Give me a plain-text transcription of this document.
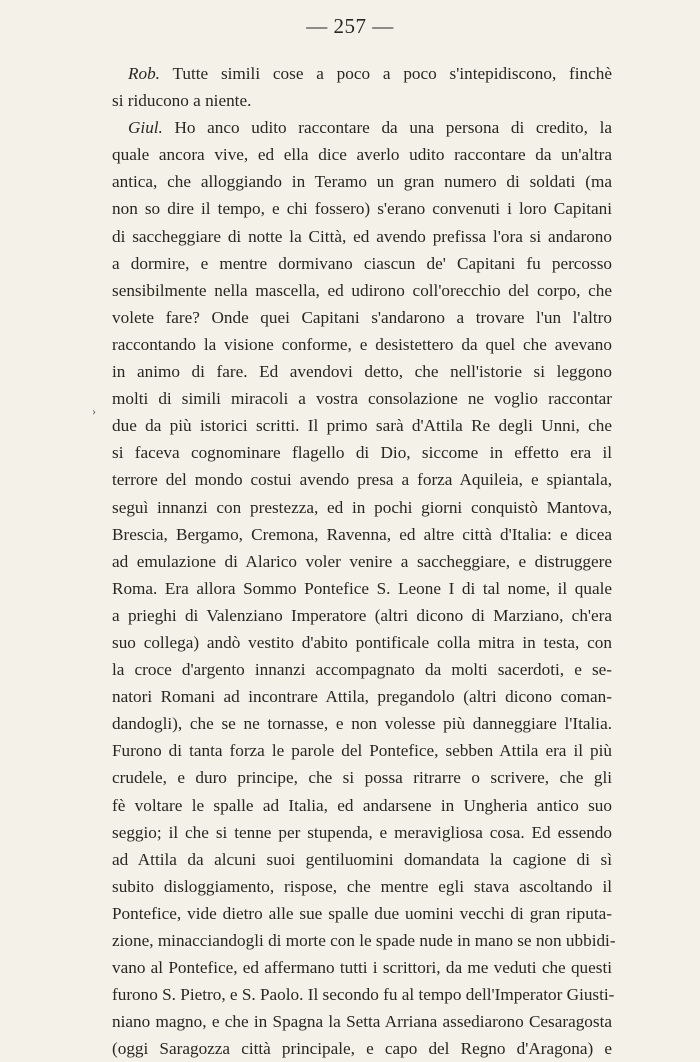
— 257 —
›
Rob. Tutte simili cose a poco a poco s'intepidiscono, finchè
si riducono a niente.
Giul. Ho anco udito raccontare da una persona di credito, la
quale ancora vive, ed ella dice averlo udito raccontare da un'altra
antica, che alloggiando in Teramo un gran numero di soldati (ma
non so dire il tempo, e chi fossero) s'erano convenuti i loro Capitani
di saccheggiare di notte la Città, ed avendo prefissa l'ora si andarono
a dormire, e mentre dormivano ciascun de' Capitani fu percosso
sensibilmente nella mascella, ed udirono coll'orecchio del corpo, che
volete fare? Onde quei Capitani s'andarono a trovare l'un l'altro
raccontando la visione conforme, e desistettero da quel che avevano
in animo di fare. Ed avendovi detto, che nell'istorie si leggono
molti di simili miracoli a vostra consolazione ne voglio raccontar
due da più istorici scritti. Il primo sarà d'Attila Re degli Unni, che
si faceva cognominare flagello di Dio, siccome in effetto era il
terrore del mondo costui avendo presa a forza Aquileia, e spiantala,
seguì innanzi con prestezza, ed in pochi giorni conquistò Mantova,
Brescia, Bergamo, Cremona, Ravenna, ed altre città d'Italia: e dicea
ad emulazione di Alarico voler venire a saccheggiare, e distruggere
Roma. Era allora Sommo Pontefice S. Leone I di tal nome, il quale
a prieghi di Valenziano Imperatore (altri dicono di Marziano, ch'era
suo collega) andò vestito d'abito pontificale colla mitra in testa, con
la croce d'argento innanzi accompagnato da molti sacerdoti, e se-
natori Romani ad incontrare Attila, pregandolo (altri dicono coman-
dandogli), che se ne tornasse, e non volesse più danneggiare l'Italia.
Furono di tanta forza le parole del Pontefice, sebben Attila era il più
crudele, e duro principe, che si possa ritrarre o scrivere, che gli
fè voltare le spalle ad Italia, ed andarsene in Ungheria antico suo
seggio; il che si tenne per stupenda, e meravigliosa cosa. Ed essendo
ad Attila da alcuni suoi gentiluomini domandata la cagione di sì
subito disloggiamento, rispose, che mentre egli stava ascoltando il
Pontefice, vide dietro alle sue spalle due uomini vecchi di gran riputa-
zione, minacciandogli di morte con le spade nude in mano se non ubbidi-
vano al Pontefice, ed affermano tutti i scrittori, da me veduti che questi
furono S. Pietro, e S. Paolo. Il secondo fu al tempo dell'Imperator Giusti-
niano magno, e che in Spagna la Setta Arriana assediarono Cesaragosta
(oggi Saragozza città principale, e capo del Regno d'Aragona) e
